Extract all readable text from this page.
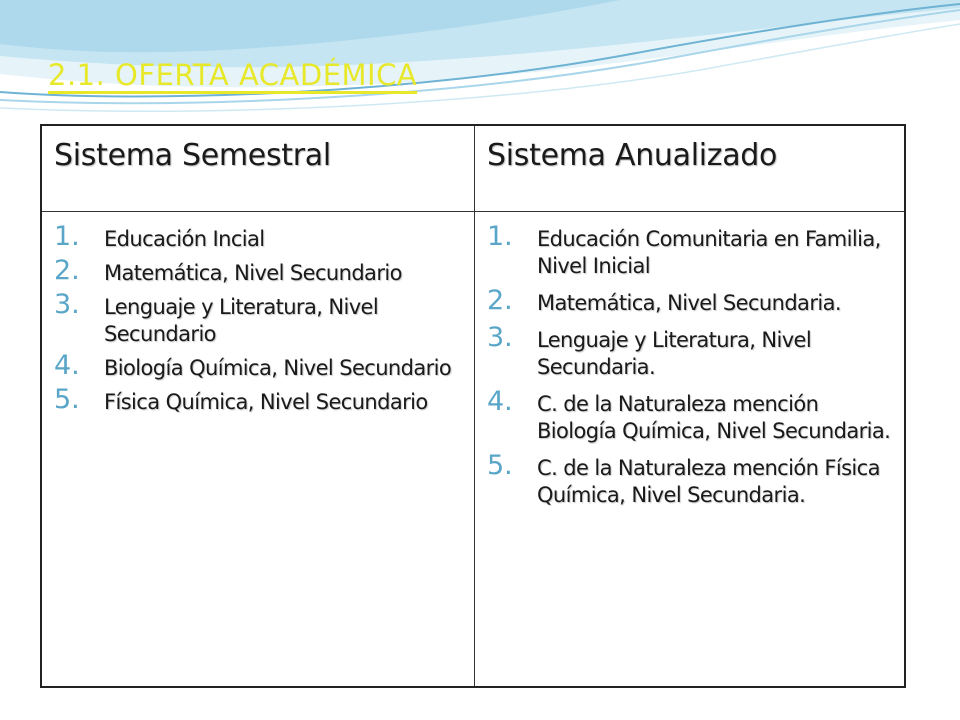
2.1. OFERTA ACADÉMICA
Sistema Semestral	Sistema Anualizado
1.	Educación Incial
2.	Matemática, Nivel Secundario
3.	Lenguaje y Literatura, Nivel Secundario
4.	Biología Química, Nivel Secundario
5.	Física Química, Nivel Secundario
1.	Educación Comunitaria en Familia, Nivel Inicial
2.	Matemática, Nivel Secundaria.
3.	Lenguaje y Literatura, Nivel Secundaria.
4.	C. de la Naturaleza mención Biología Química, Nivel Secundaria.
5.	C. de la Naturaleza mención Física Química, Nivel Secundaria.
